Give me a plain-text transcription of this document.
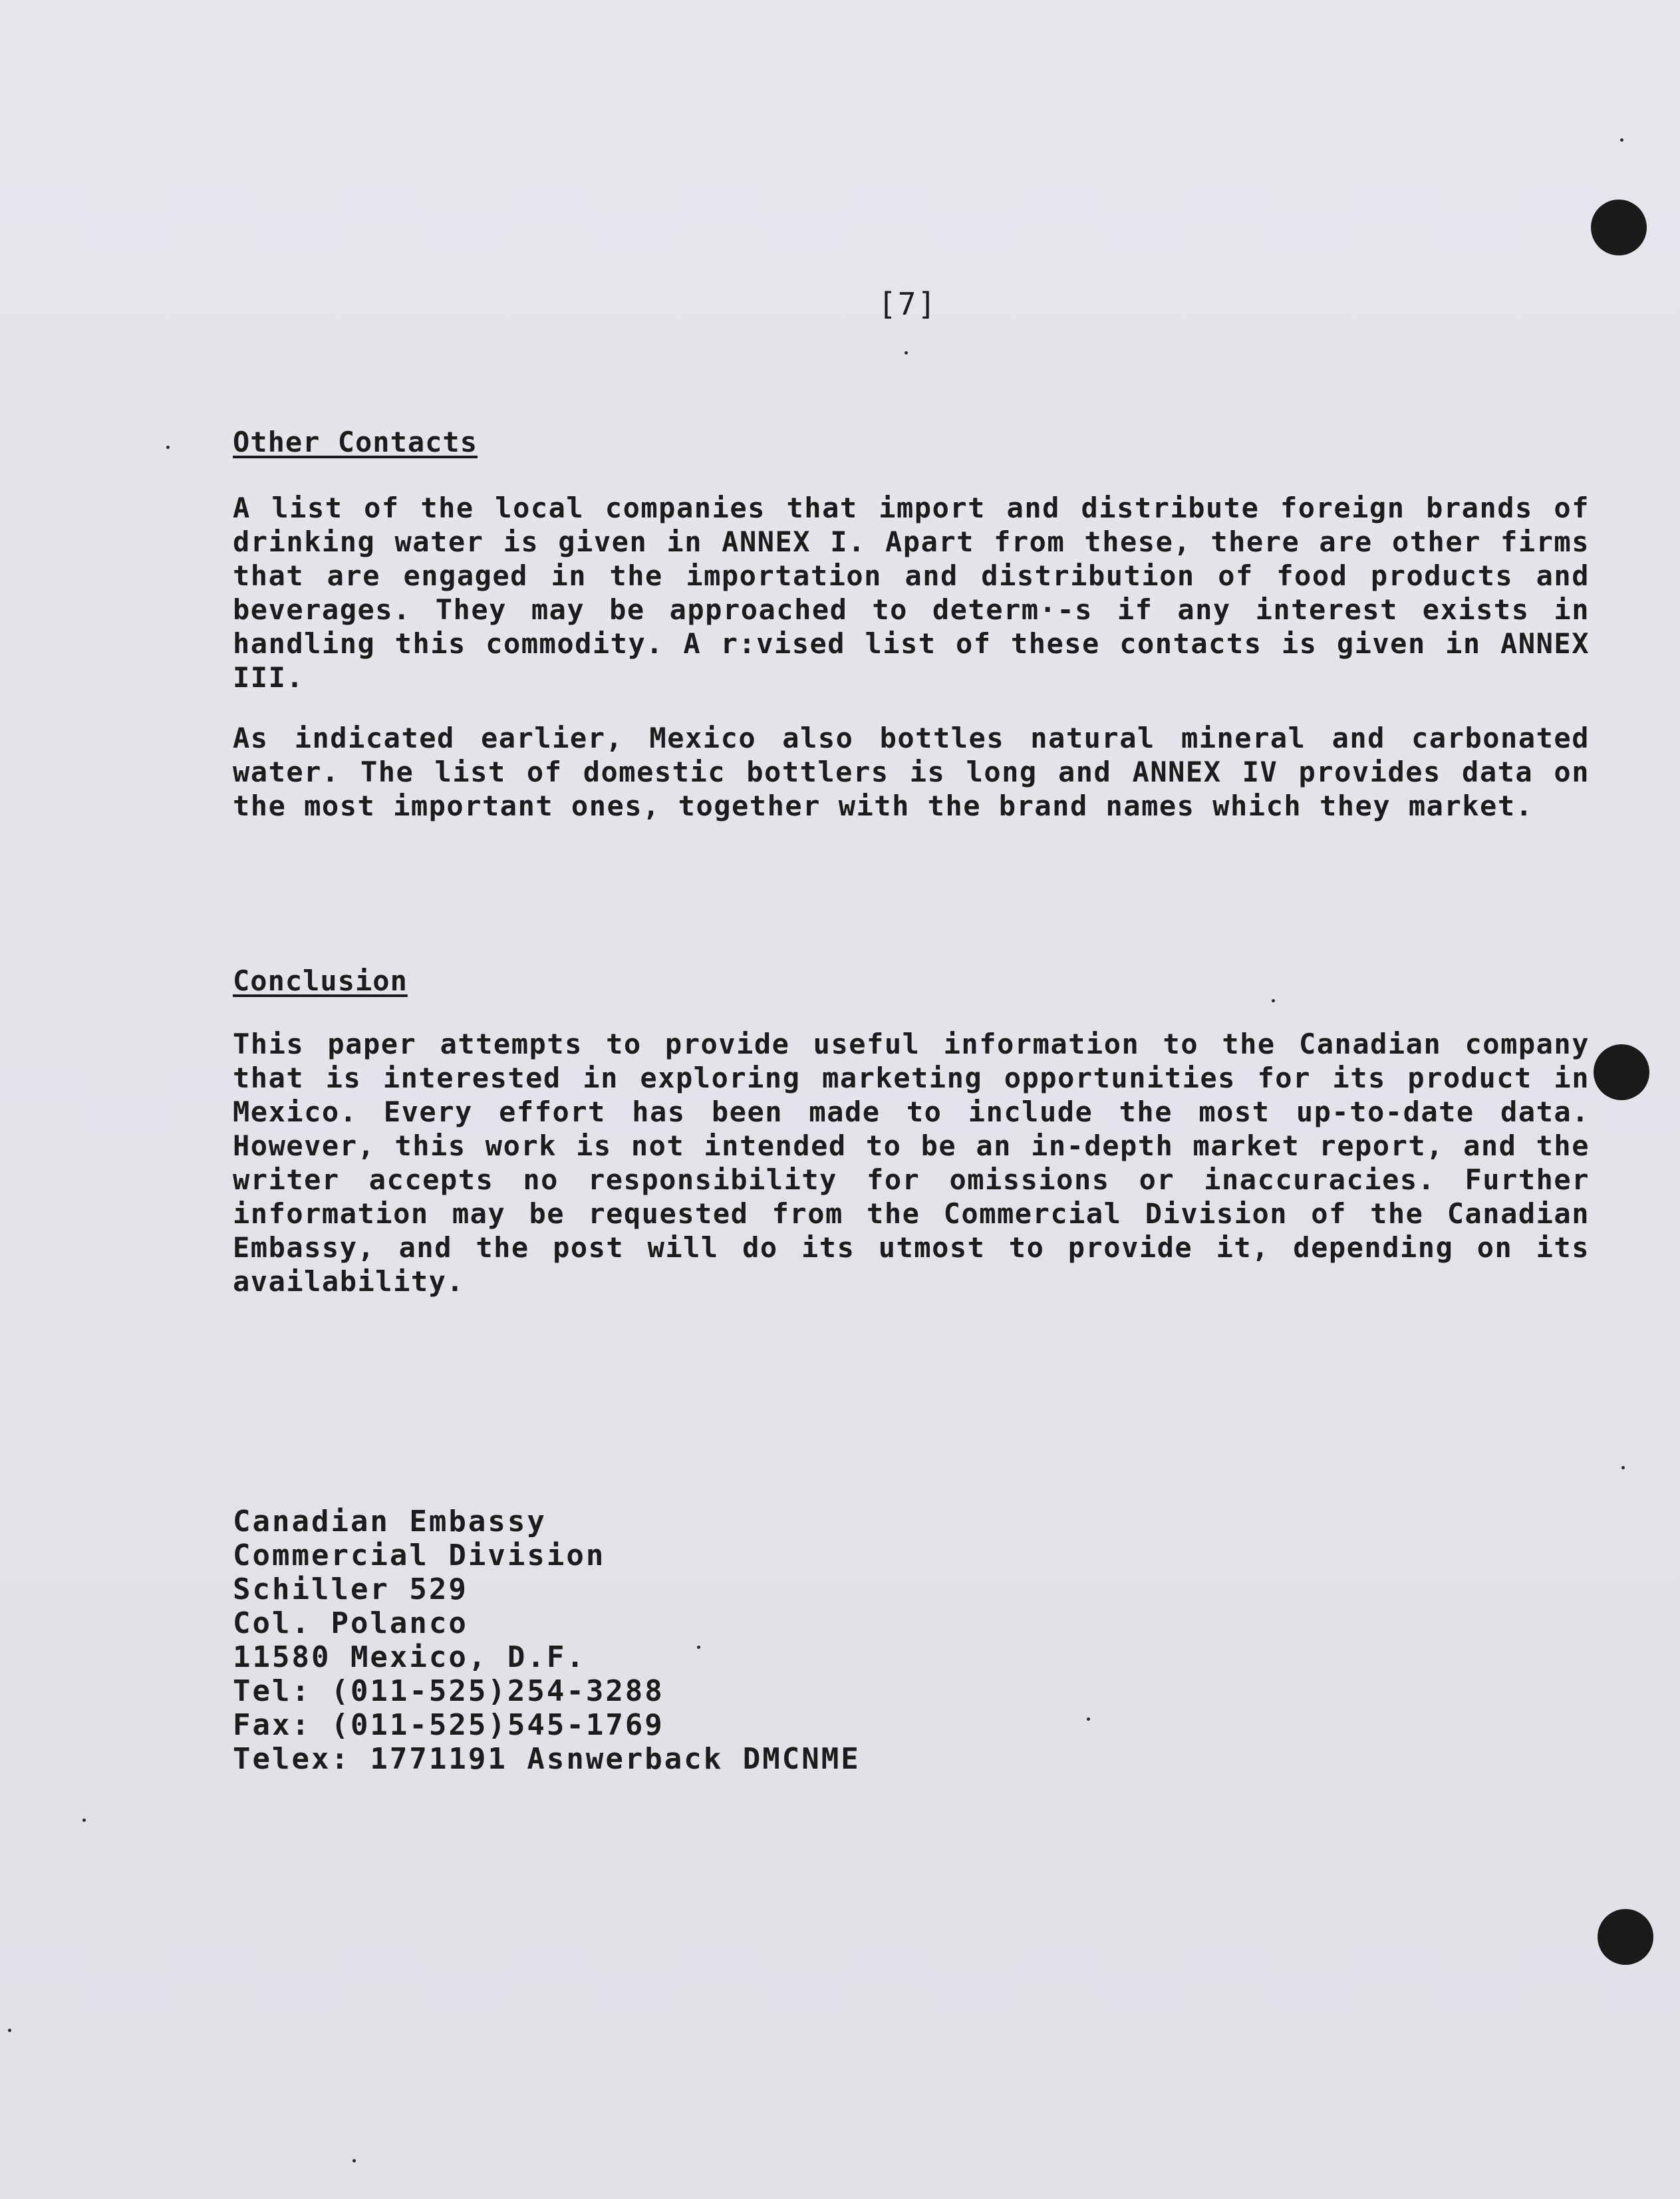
[7]
Other Contacts

A list of the local companies that import and distribute foreign brands of drinking water is given in ANNEX I. Apart from these, there are other firms that are engaged in the importation and distribution of food products and beverages. They may be approached to determ·-s if any interest exists in handling this commodity. A r:vised list of these contacts is given in ANNEX III.

As indicated earlier, Mexico also bottles natural mineral and carbonated water. The list of domestic bottlers is long and ANNEX IV provides data on the most important ones, together with the brand names which they market.

Conclusion

This paper attempts to provide useful information to the Canadian company that is interested in exploring marketing opportunities for its product in Mexico. Every effort has been made to include the most up-to-date data. However, this work is not intended to be an in-depth market report, and the writer accepts no responsibility for omissions or inaccuracies. Further information may be requested from the Commercial Division of the Canadian Embassy, and the post will do its utmost to provide it, depending on its availability.

Canadian Embassy
Commercial Division
Schiller 529
Col. Polanco
11580 Mexico, D.F.
Tel: (011-525)254-3288
Fax: (011-525)545-1769
Telex: 1771191 Asnwerback DMCNME
